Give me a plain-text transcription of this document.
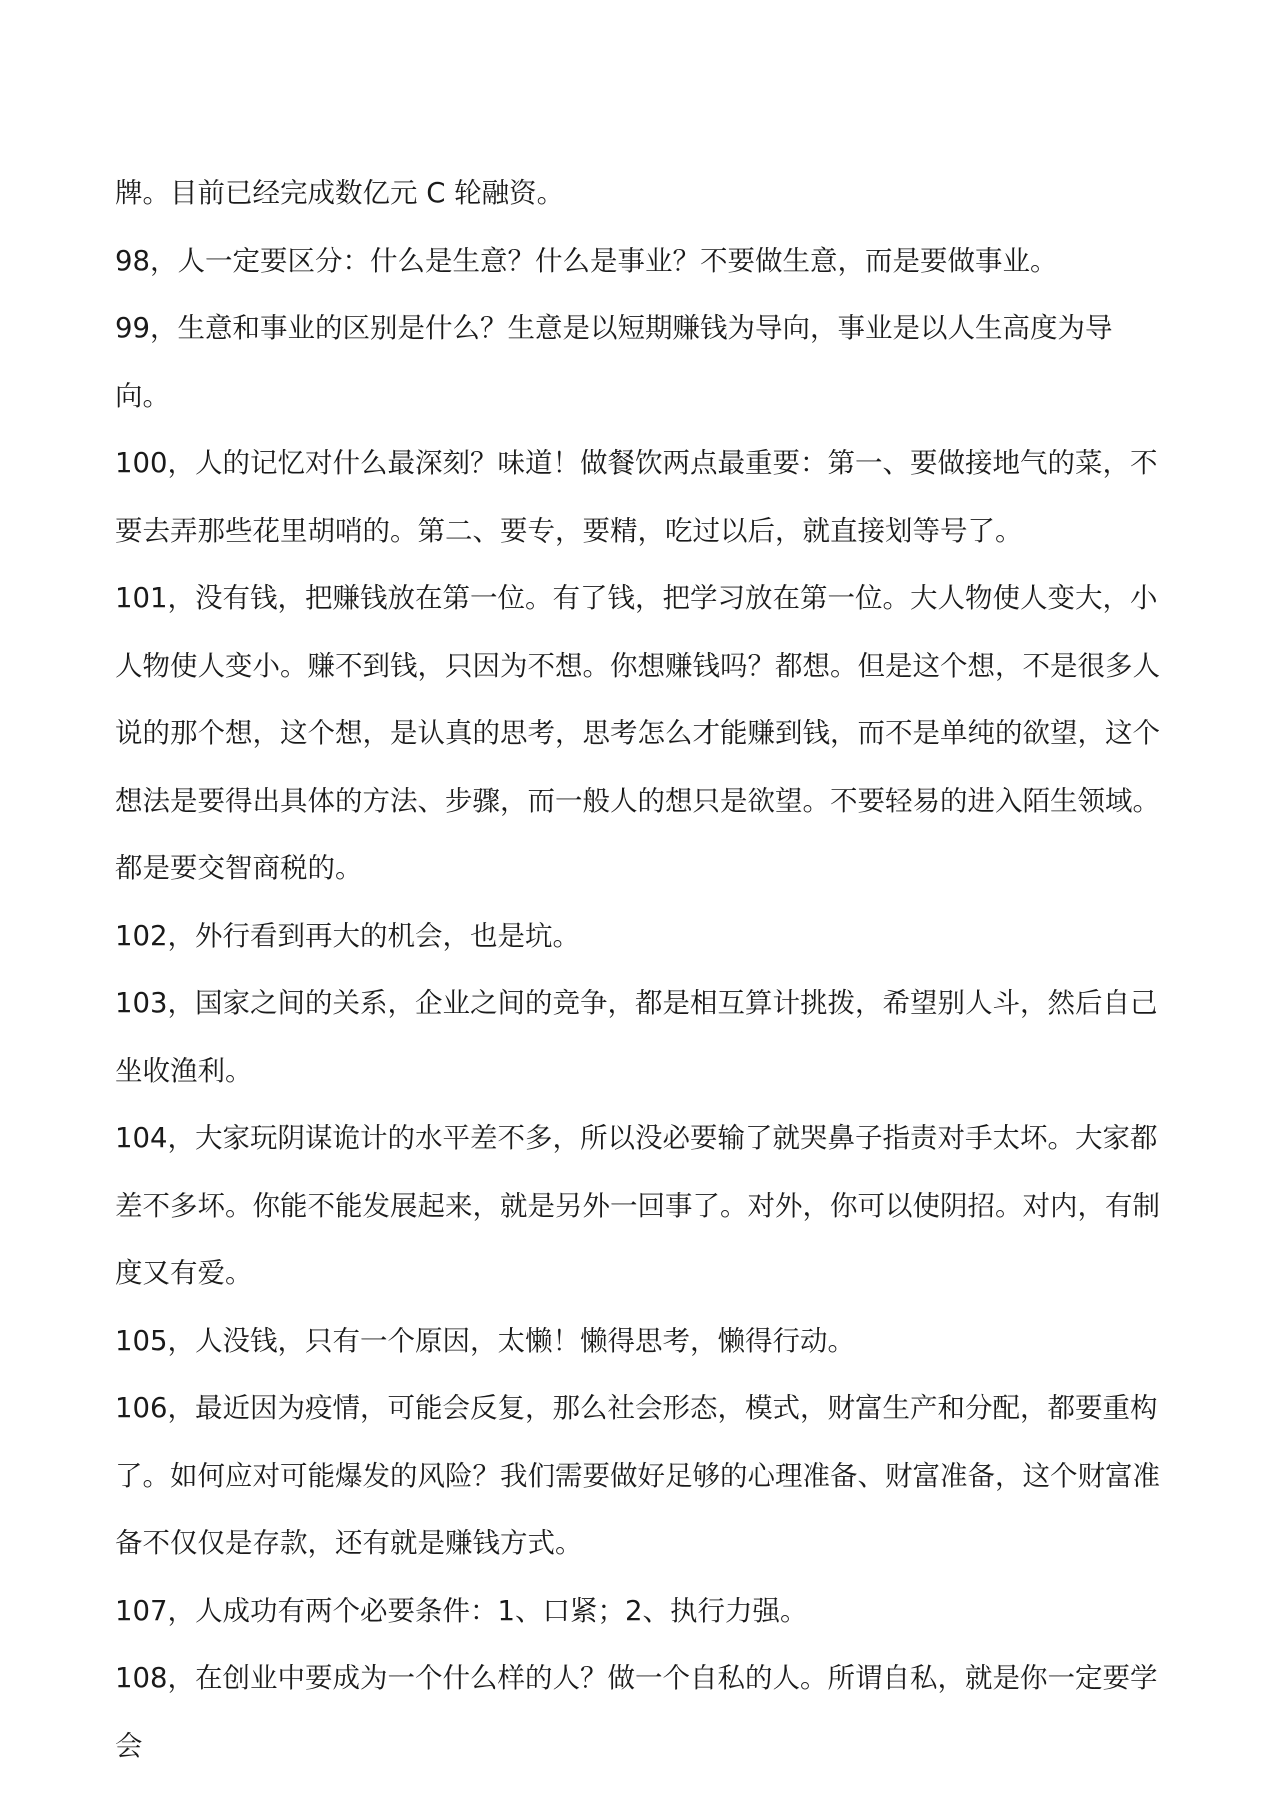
牌。目前已经完成数亿元 C 轮融资。

98，人一定要区分：什么是生意？什么是事业？不要做生意，而是要做事业。

99，生意和事业的区别是什么？生意是以短期赚钱为导向，事业是以人生高度为导向。

100，人的记忆对什么最深刻？味道！做餐饮两点最重要：第一、要做接地气的菜，不要去弄那些花里胡哨的。第二、要专，要精，吃过以后，就直接划等号了。

101，没有钱，把赚钱放在第一位。有了钱，把学习放在第一位。大人物使人变大，小人物使人变小。赚不到钱，只因为不想。你想赚钱吗？都想。但是这个想，不是很多人说的那个想，这个想，是认真的思考，思考怎么才能赚到钱，而不是单纯的欲望，这个想法是要得出具体的方法、步骤，而一般人的想只是欲望。不要轻易的进入陌生领域。都是要交智商税的。

102，外行看到再大的机会，也是坑。

103，国家之间的关系，企业之间的竞争，都是相互算计挑拨，希望别人斗，然后自己坐收渔利。

104，大家玩阴谋诡计的水平差不多，所以没必要输了就哭鼻子指责对手太坏。大家都差不多坏。你能不能发展起来，就是另外一回事了。对外，你可以使阴招。对内，有制度又有爱。

105，人没钱，只有一个原因，太懒！懒得思考，懒得行动。

106，最近因为疫情，可能会反复，那么社会形态，模式，财富生产和分配，都要重构了。如何应对可能爆发的风险？我们需要做好足够的心理准备、财富准备，这个财富准备不仅仅是存款，还有就是赚钱方式。

107，人成功有两个必要条件：1、口紧；2、执行力强。

108，在创业中要成为一个什么样的人？做一个自私的人。所谓自私，就是你一定要学会
